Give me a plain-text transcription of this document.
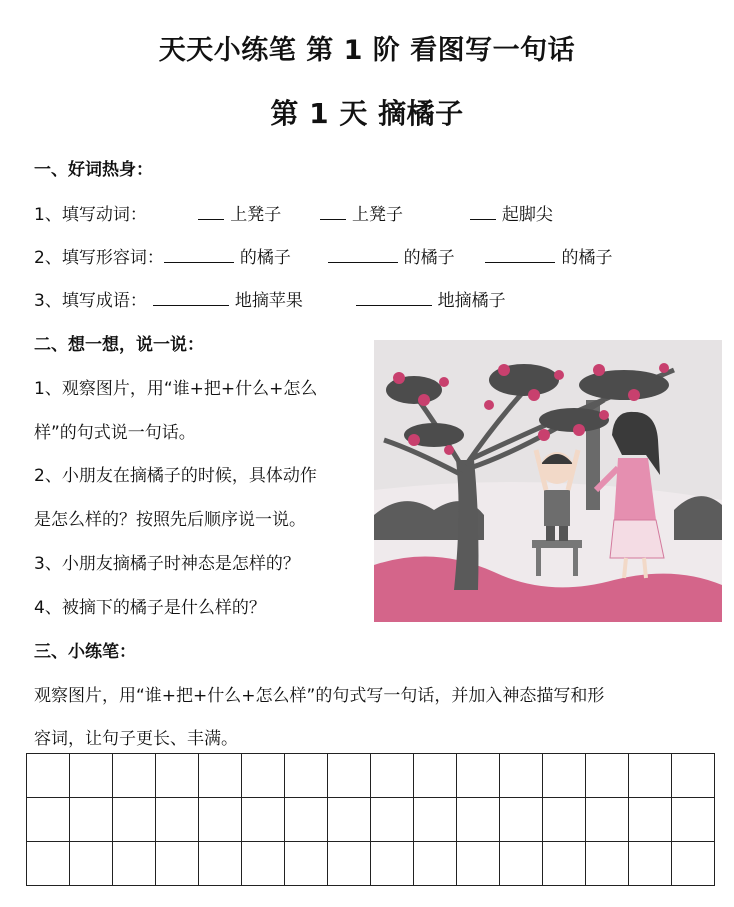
天天小练笔 第 1 阶 看图写一句话
第 1 天 摘橘子
一、好词热身：
1、填写动词：	上凳子	上凳子	起脚尖
2、填写形容词：	的橘子	的橘子	的橘子
3、填写成语：	地摘苹果	地摘橘子
二、想一想，说一说：
1、观察图片，用“谁+把+什么+怎么
样”的句式说一句话。
2、小朋友在摘橘子的时候，具体动作
是怎么样的？按照先后顺序说一说。
3、小朋友摘橘子时神态是怎样的？
4、被摘下的橘子是什么样的？
三、小练笔：
观察图片，用“谁+把+什么+怎么样”的句式写一句话，并加入神态描写和形
容词，让句子更长、丰满。
